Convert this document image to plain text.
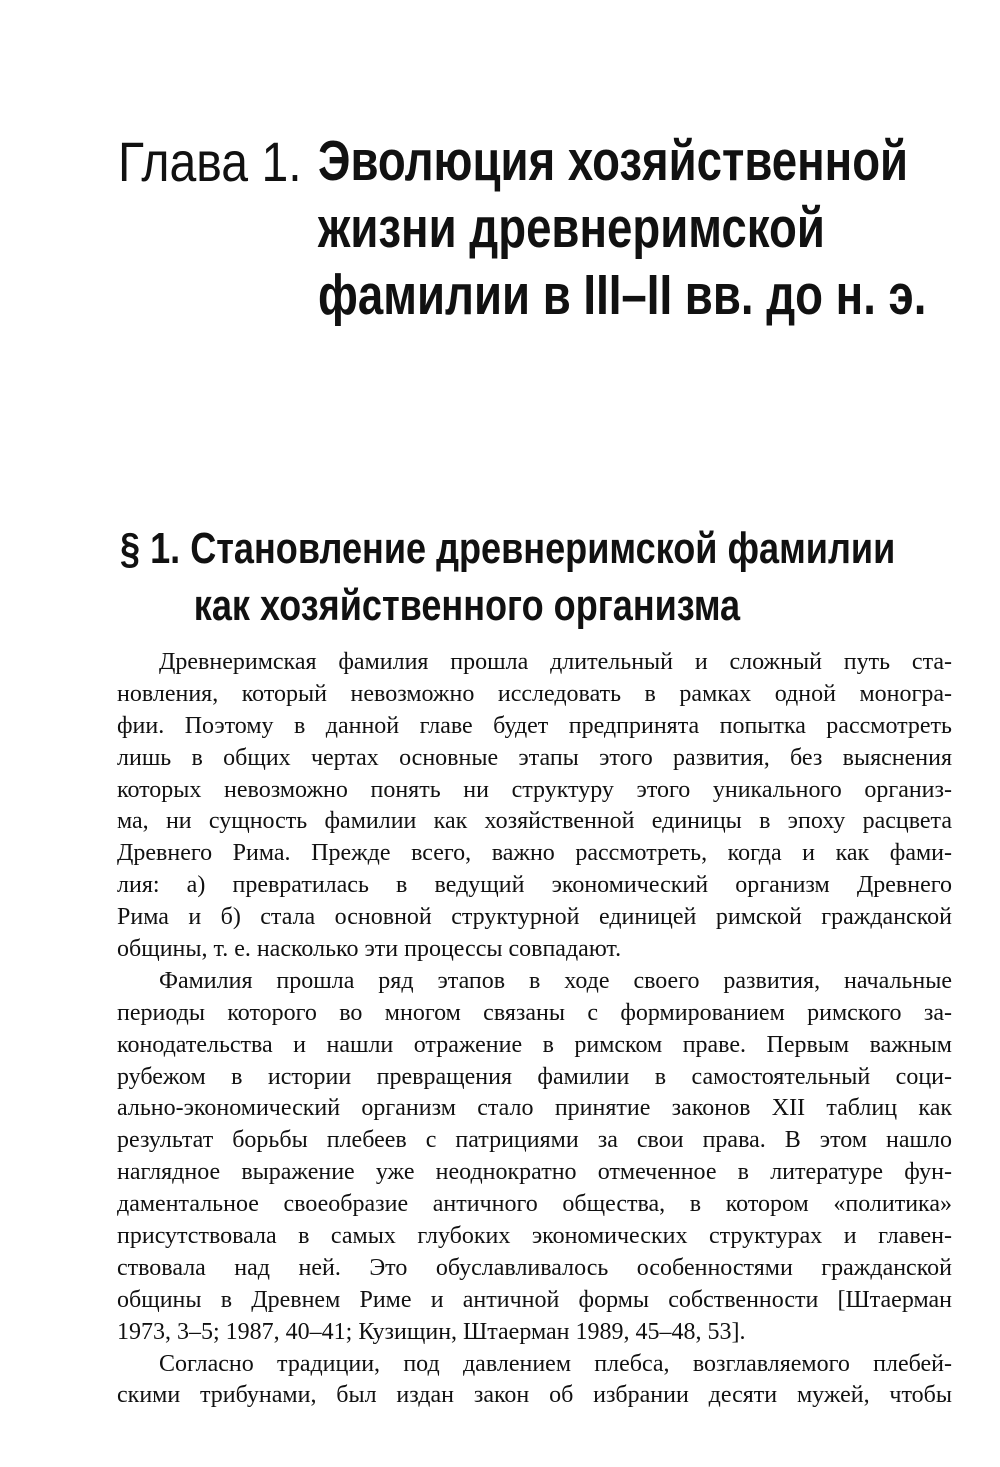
Глава 1. Эволюция хозяйственной
жизни древнеримской
фамилии в III–II вв. до н. э.
§ 1. Становление древнеримской фамилии
как хозяйственного организма
Древнеримская фамилия прошла длительный и сложный путь ста-
новления, который невозможно исследовать в рамках одной моногра-
фии. Поэтому в данной главе будет предпринята попытка рассмотреть
лишь в общих чертах основные этапы этого развития, без выяснения
которых невозможно понять ни структуру этого уникального организ-
ма, ни сущность фамилии как хозяйственной единицы в эпоху расцвета
Древнего Рима. Прежде всего, важно рассмотреть, когда и как фами-
лия: а) превратилась в ведущий экономический организм Древнего
Рима и б) стала основной структурной единицей римской гражданской
общины, т. е. насколько эти процессы совпадают.
Фамилия прошла ряд этапов в ходе своего развития, начальные
периоды которого во многом связаны с формированием римского за-
конодательства и нашли отражение в римском праве. Первым важным
рубежом в истории превращения фамилии в самостоятельный соци-
ально-экономический организм стало принятие законов XII таблиц как
результат борьбы плебеев с патрициями за свои права. В этом нашло
наглядное выражение уже неоднократно отмеченное в литературе фун-
даментальное своеобразие античного общества, в котором «политика»
присутствовала в самых глубоких экономических структурах и главен-
ствовала над ней. Это обуславливалось особенностями гражданской
общины в Древнем Риме и античной формы собственности [Штаерман
1973, 3–5; 1987, 40–41; Кузищин, Штаерман 1989, 45–48, 53].
Согласно традиции, под давлением плебса, возглавляемого плебей-
скими трибунами, был издан закон об избрании десяти мужей, чтобы
